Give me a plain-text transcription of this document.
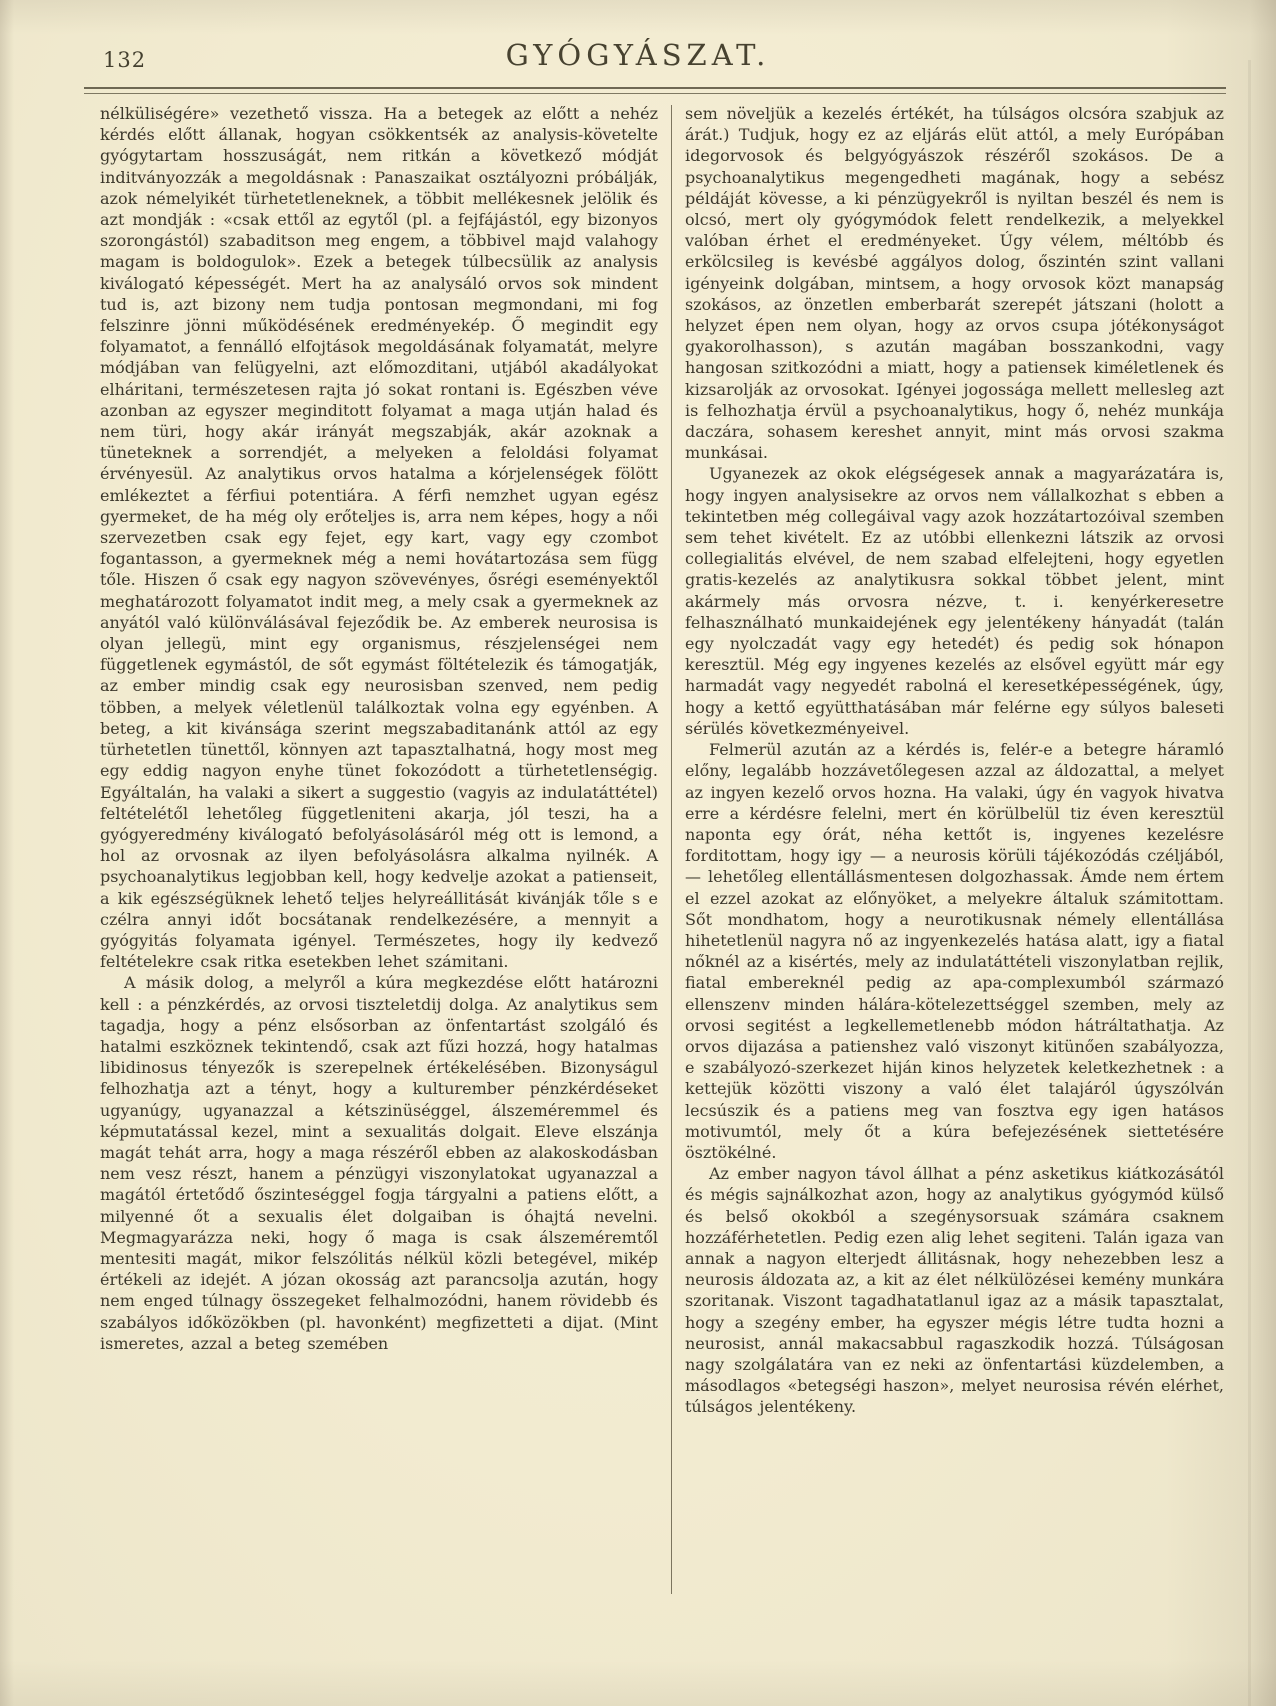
132	GYÓGYÁSZAT.

nélküliségére» vezethető vissza. Ha a betegek az előtt a nehéz kérdés előtt állanak, hogyan csökkentsék az analysis-követelte gyógytartam hosszuságát, nem ritkán a következő módját inditványozzák a megoldásnak : Panaszaikat osztályozni próbálják, azok némelyikét türhetetleneknek, a többit mellékesnek jelölik és azt mondják : «csak ettől az egytől (pl. a fejfájástól, egy bizonyos szorongástól) szabaditson meg engem, a többivel majd valahogy magam is boldogulok». Ezek a betegek túlbecsülik az analysis kiválogató képességét. Mert ha az analysáló orvos sok mindent tud is, azt bizony nem tudja pontosan megmondani, mi fog felszinre jönni működésének eredményekép. Ő megindit egy folyamatot, a fennálló elfojtások megoldásának folyamatát, melyre módjában van felügyelni, azt előmozditani, utjából akadályokat elháritani, természetesen rajta jó sokat rontani is. Egészben véve azonban az egyszer meginditott folyamat a maga utján halad és nem türi, hogy akár irányát megszabják, akár azoknak a tüneteknek a sorrendjét, a melyeken a feloldási folyamat érvényesül. Az analytikus orvos hatalma a kórjelenségek fölött emlékeztet a férfiui potentiára. A férfi nemzhet ugyan egész gyermeket, de ha még oly erőteljes is, arra nem képes, hogy a női szervezetben csak egy fejet, egy kart, vagy egy czombot fogantasson, a gyermeknek még a nemi hovátartozása sem függ tőle. Hiszen ő csak egy nagyon szövevényes, ősrégi eseményektől meghatározott folyamatot indit meg, a mely csak a gyermeknek az anyától való különválásával fejeződik be. Az emberek neurosisa is olyan jellegü, mint egy organismus, részjelenségei nem függetlenek egymástól, de sőt egymást föltételezik és támogatják, az ember mindig csak egy neurosisban szenved, nem pedig többen, a melyek véletlenül találkoztak volna egy egyénben. A beteg, a kit kivánsága szerint megszabaditanánk attól az egy türhetetlen tünettől, könnyen azt tapasztalhatná, hogy most meg egy eddig nagyon enyhe tünet fokozódott a türhetetlenségig. Egyáltalán, ha valaki a sikert a suggestio (vagyis az indulatáttétel) feltételétől lehetőleg függetleniteni akarja, jól teszi, ha a gyógyeredmény kiválogató befolyásolásáról még ott is lemond, a hol az orvosnak az ilyen befolyásolásra alkalma nyilnék. A psychoanalytikus legjobban kell, hogy kedvelje azokat a patienseit, a kik egészségüknek lehető teljes helyreállitását kivánják tőle s e czélra annyi időt bocsátanak rendelkezésére, a mennyit a gyógyitás folyamata igényel. Természetes, hogy ily kedvező feltételekre csak ritka esetekben lehet számitani.

A másik dolog, a melyről a kúra megkezdése előtt határozni kell : a pénzkérdés, az orvosi tiszteletdij dolga. Az analytikus sem tagadja, hogy a pénz elsősorban az önfentartást szolgáló és hatalmi eszköznek tekintendő, csak azt fűzi hozzá, hogy hatalmas libidinosus tényezők is szerepelnek értékelésében. Bizonyságul felhozhatja azt a tényt, hogy a kulturember pénzkérdéseket ugyanúgy, ugyanazzal a kétszinüséggel, álszeméremmel és képmutatással kezel, mint a sexualitás dolgait. Eleve elszánja magát tehát arra, hogy a maga részéről ebben az alakoskodásban nem vesz részt, hanem a pénzügyi viszonylatokat ugyanazzal a magától értetődő őszinteséggel fogja tárgyalni a patiens előtt, a milyenné őt a sexualis élet dolgaiban is óhajtá nevelni. Megmagyarázza neki, hogy ő maga is csak álszeméremtől mentesiti magát, mikor felszólitás nélkül közli betegével, mikép értékeli az idejét. A józan okosság azt parancsolja azután, hogy nem enged túlnagy összegeket felhalmozódni, hanem rövidebb és szabályos időközökben (pl. havonként) megfizetteti a dijat. (Mint ismeretes, azzal a beteg szemében

sem növeljük a kezelés értékét, ha túlságos olcsóra szabjuk az árát.) Tudjuk, hogy ez az eljárás elüt attól, a mely Európában idegorvosok és belgyógyászok részéről szokásos. De a psychoanalytikus megengedheti magának, hogy a sebész példáját kövesse, a ki pénzügyekről is nyiltan beszél és nem is olcsó, mert oly gyógymódok felett rendelkezik, a melyekkel valóban érhet el eredményeket. Úgy vélem, méltóbb és erkölcsileg is kevésbé aggályos dolog, őszintén szint vallani igényeink dolgában, mintsem, a hogy orvosok közt manapság szokásos, az önzetlen emberbarát szerepét játszani (holott a helyzet épen nem olyan, hogy az orvos csupa jótékonyságot gyakorolhasson), s azután magában bosszankodni, vagy hangosan szitkozódni a miatt, hogy a patiensek kiméletlenek és kizsarolják az orvosokat. Igényei jogossága mellett mellesleg azt is felhozhatja érvül a psychoanalytikus, hogy ő, nehéz munkája daczára, sohasem kereshet annyit, mint más orvosi szakma munkásai.

Ugyanezek az okok elégségesek annak a magyarázatára is, hogy ingyen analysisekre az orvos nem vállalkozhat s ebben a tekintetben még collegáival vagy azok hozzátartozóival szemben sem tehet kivételt. Ez az utóbbi ellenkezni látszik az orvosi collegialitás elvével, de nem szabad elfelejteni, hogy egyetlen gratis-kezelés az analytikusra sokkal többet jelent, mint akármely más orvosra nézve, t. i. kenyérkeresetre felhasználható munkaidejének egy jelentékeny hányadát (talán egy nyolczadát vagy egy hetedét) és pedig sok hónapon keresztül. Még egy ingyenes kezelés az elsővel együtt már egy harmadát vagy negyedét rabolná el keresetképességének, úgy, hogy a kettő együtthatásában már felérne egy súlyos baleseti sérülés következményeivel.

Felmerül azután az a kérdés is, felér-e a betegre háramló előny, legalább hozzávetőlegesen azzal az áldozattal, a melyet az ingyen kezelő orvos hozna. Ha valaki, úgy én vagyok hivatva erre a kérdésre felelni, mert én körülbelül tiz éven keresztül naponta egy órát, néha kettőt is, ingyenes kezelésre forditottam, hogy igy — a neurosis körüli tájékozódás czéljából, — lehetőleg ellentállásmentesen dolgozhassak. Ámde nem értem el ezzel azokat az előnyöket, a melyekre általuk számitottam. Sőt mondhatom, hogy a neurotikusnak némely ellentállása hihetetlenül nagyra nő az ingyenkezelés hatása alatt, igy a fiatal nőknél az a kisértés, mely az indulatáttételi viszonylatban rejlik, fiatal embereknél pedig az apa-complexumból származó ellenszenv minden hálára-kötelezettséggel szemben, mely az orvosi segitést a legkellemetlenebb módon hátráltathatja. Az orvos dijazása a patienshez való viszonyt kitünően szabályozza, e szabályozó-szerkezet hiján kinos helyzetek keletkezhetnek : a kettejük közötti viszony a való élet talajáról úgyszólván lecsúszik és a patiens meg van fosztva egy igen hatásos motivumtól, mely őt a kúra befejezésének siettetésére ösztökélné.

Az ember nagyon távol állhat a pénz asketikus kiátkozásától és mégis sajnálkozhat azon, hogy az analytikus gyógymód külső és belső okokból a szegénysorsuak számára csaknem hozzáférhetetlen. Pedig ezen alig lehet segiteni. Talán igaza van annak a nagyon elterjedt állitásnak, hogy nehezebben lesz a neurosis áldozata az, a kit az élet nélkülözései kemény munkára szoritanak. Viszont tagadhatatlanul igaz az a másik tapasztalat, hogy a szegény ember, ha egyszer mégis létre tudta hozni a neurosist, annál makacsabbul ragaszkodik hozzá. Túlságosan nagy szolgálatára van ez neki az önfentartási küzdelemben, a másodlagos «betegségi haszon», melyet neurosisa révén elérhet, túlságos jelentékeny.
